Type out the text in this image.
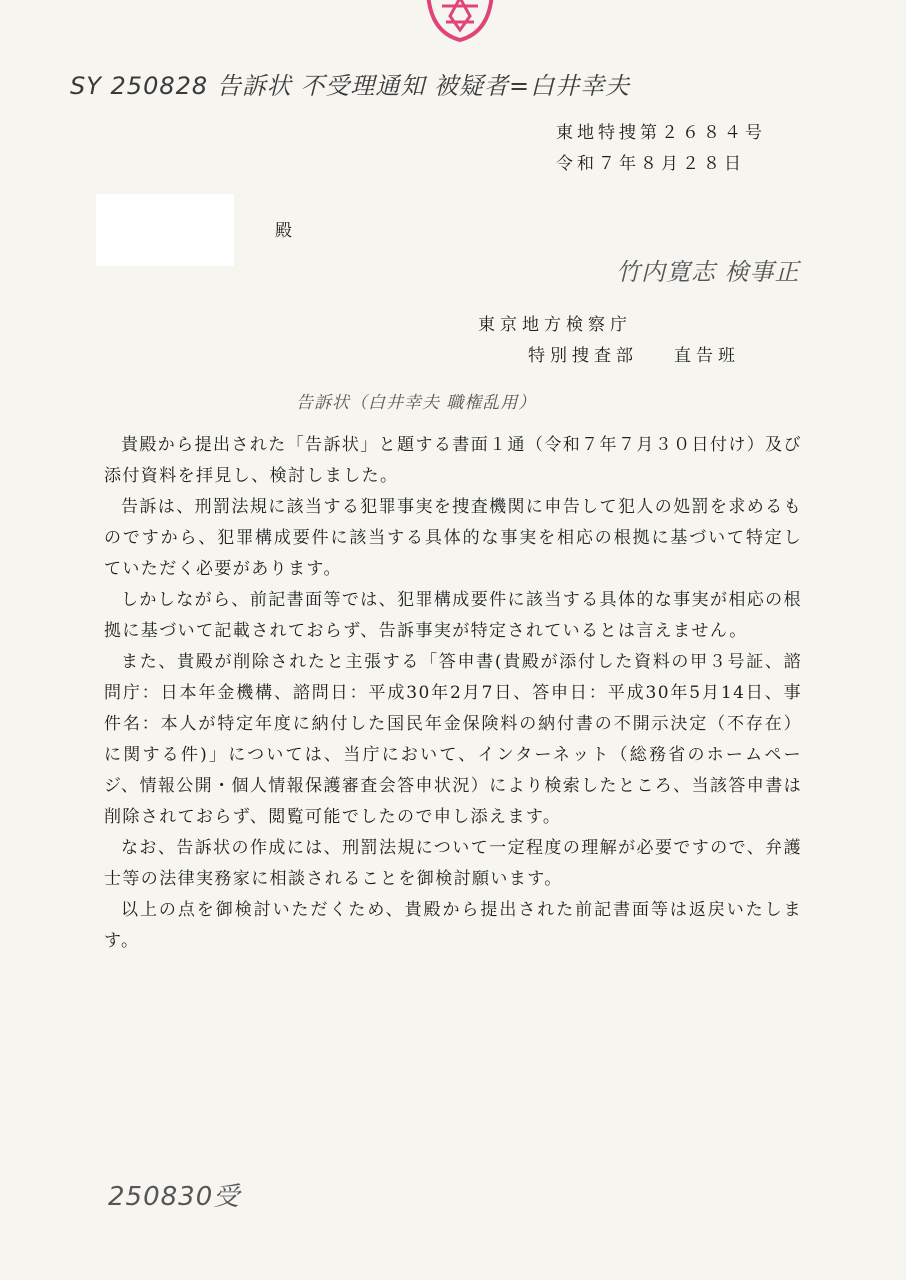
SY 250828 告訴状 不受理通知 被疑者=白井幸夫
東地特捜第２６８４号
令和７年８月２８日
殿
竹内寛志 検事正
東京地方検察庁
特別捜査部 直告班
告訴状（白井幸夫 職権乱用）

貴殿から提出された「告訴状」と題する書面１通（令和７年７月３０日付け）及び添付資料を拝見し、検討しました。

告訴は、刑罰法規に該当する犯罪事実を捜査機関に申告して犯人の処罰を求めるものですから、犯罪構成要件に該当する具体的な事実を相応の根拠に基づいて特定していただく必要があります。

しかしながら、前記書面等では、犯罪構成要件に該当する具体的な事実が相応の根拠に基づいて記載されておらず、告訴事実が特定されているとは言えません。

また、貴殿が削除されたと主張する「答申書(貴殿が添付した資料の甲３号証、諮問庁：日本年金機構、諮問日：平成30年2月7日、答申日：平成30年5月14日、事件名：本人が特定年度に納付した国民年金保険料の納付書の不開示決定（不存在）に関する件)」については、当庁において、インターネット（総務省のホームページ、情報公開・個人情報保護審査会答申状況）により検索したところ、当該答申書は削除されておらず、閲覧可能でしたので申し添えます。

なお、告訴状の作成には、刑罰法規について一定程度の理解が必要ですので、弁護士等の法律実務家に相談されることを御検討願います。

以上の点を御検討いただくため、貴殿から提出された前記書面等は返戻いたします。

250830受
